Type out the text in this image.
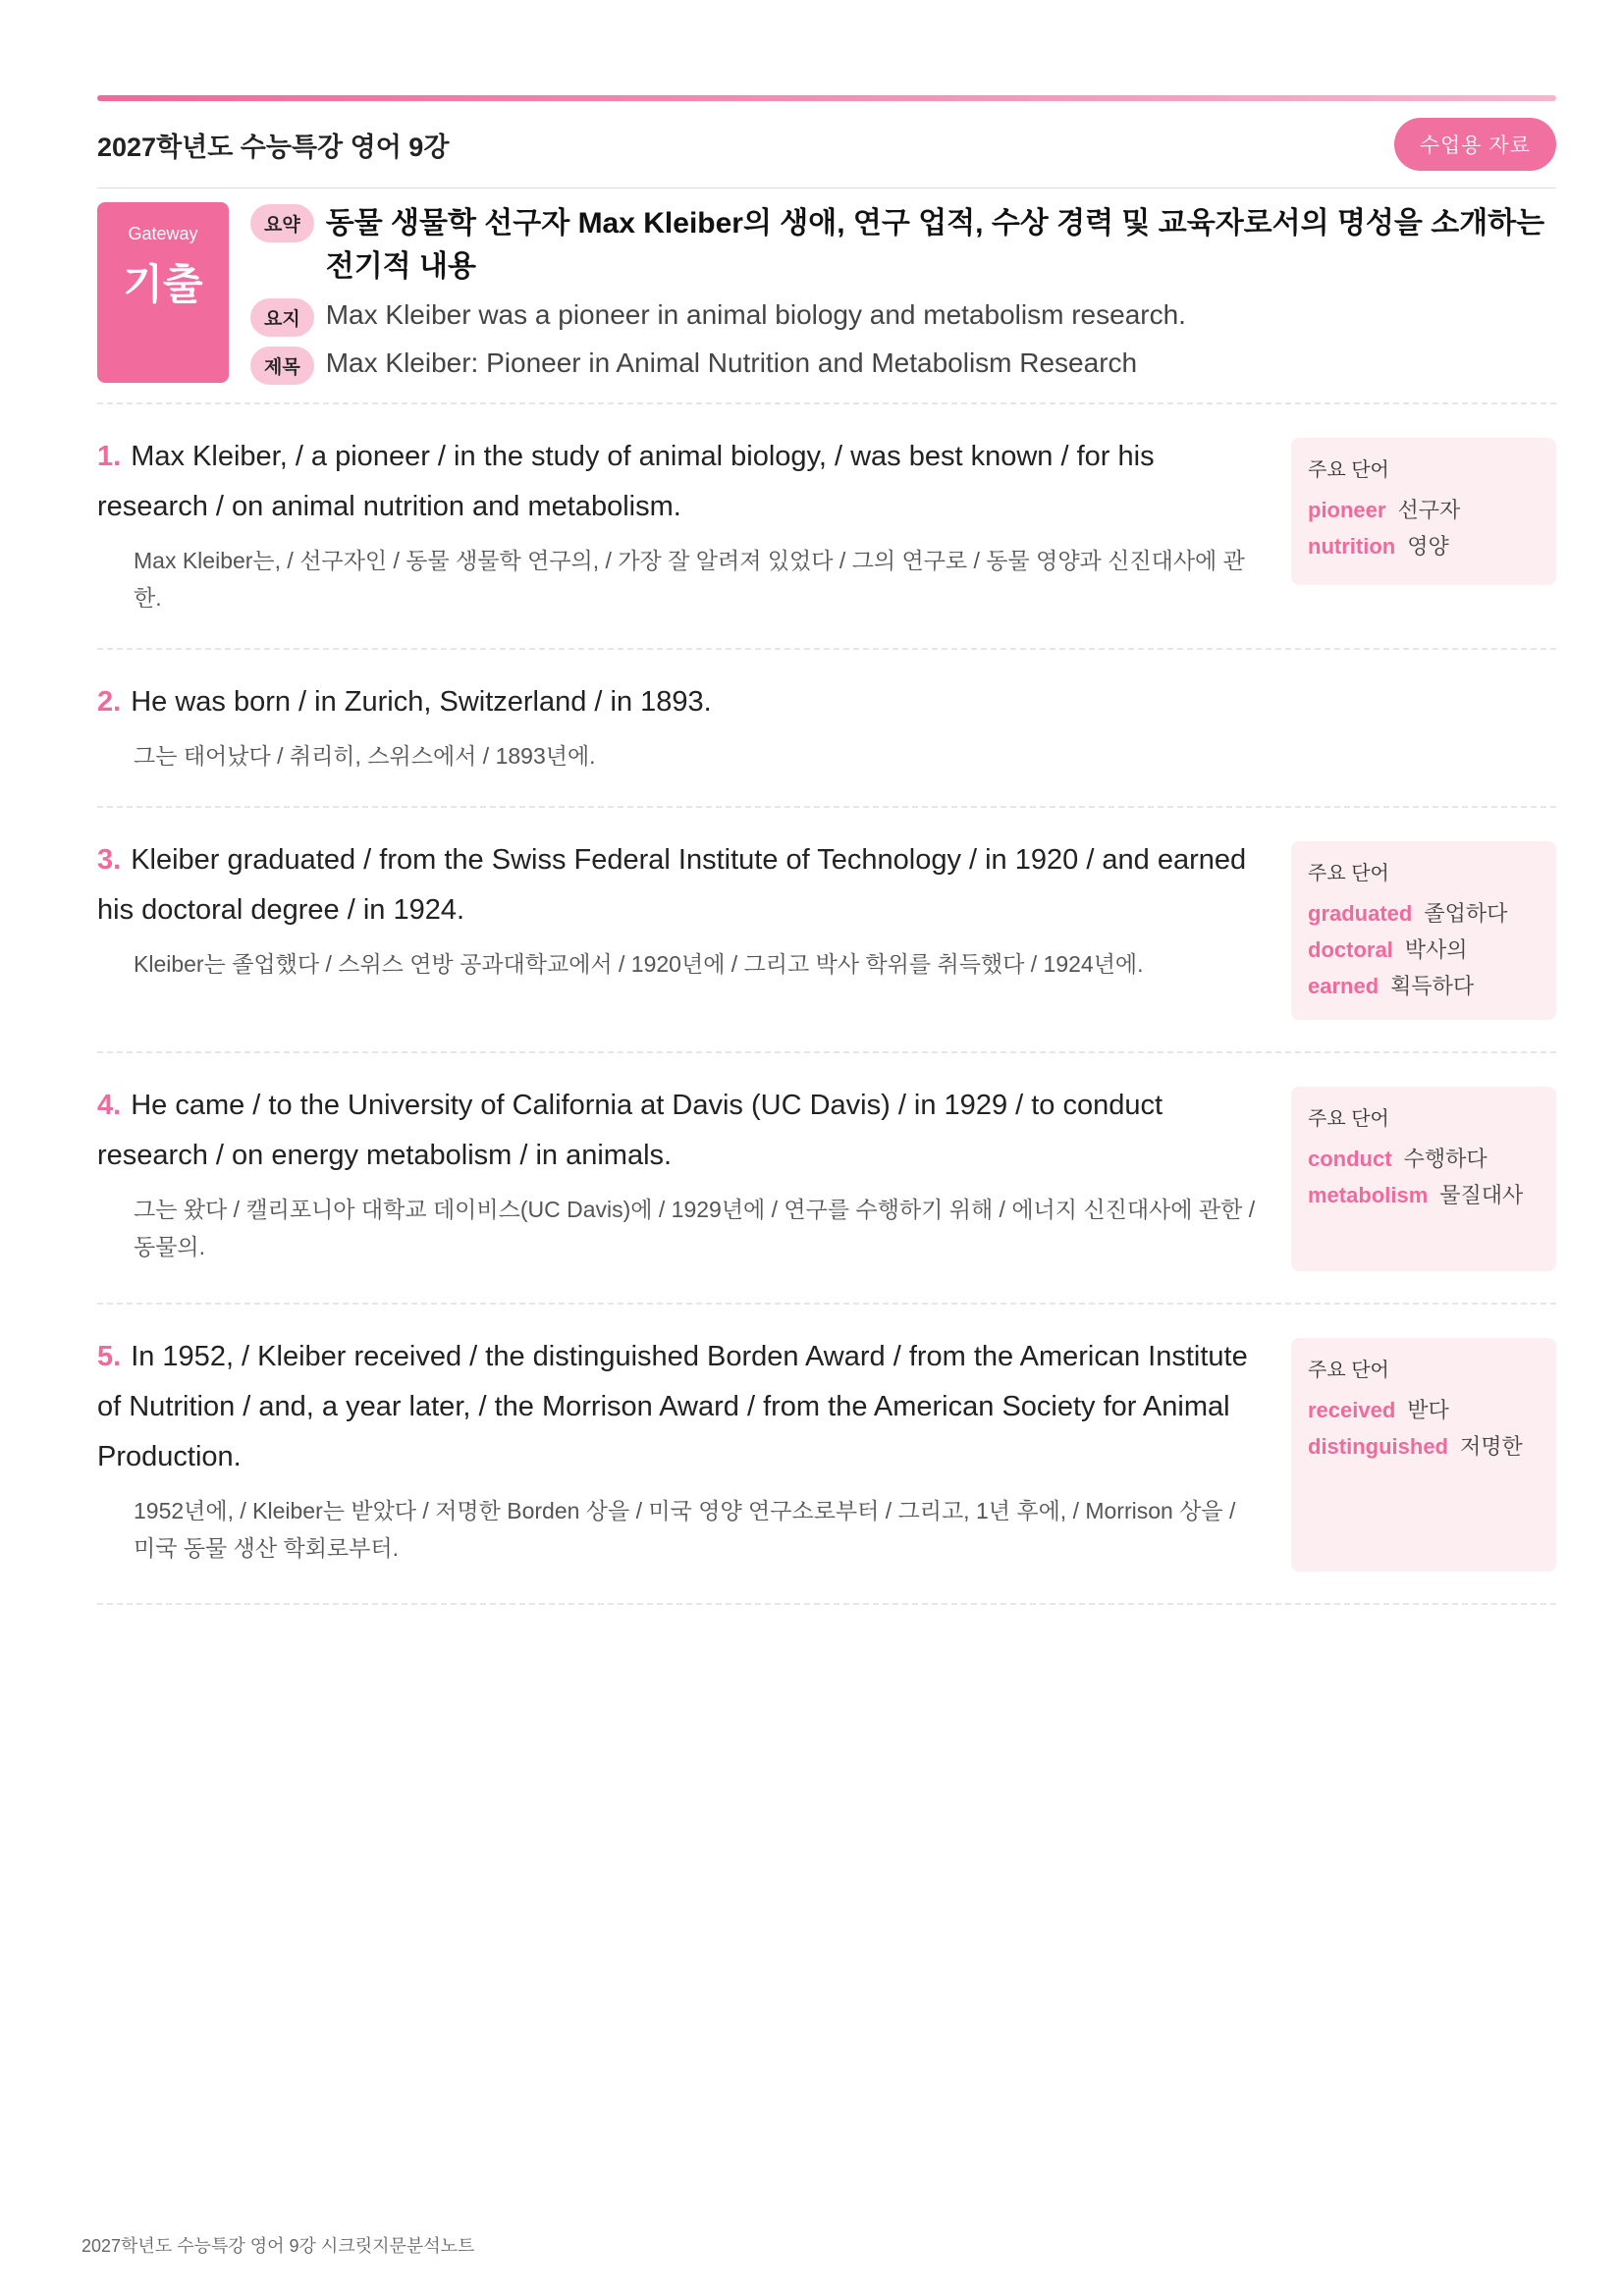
2027학년도 수능특강 영어 9강	수업용 자료
Gateway
기출
요약 동물 생물학 선구자 Max Kleiber의 생애, 연구 업적, 수상 경력 및 교육자로서의 명성을 소개하는 전기적 내용
요지 Max Kleiber was a pioneer in animal biology and metabolism research.
제목 Max Kleiber: Pioneer in Animal Nutrition and Metabolism Research
1. Max Kleiber, / a pioneer / in the study of animal biology, / was best known / for his research / on animal nutrition and metabolism.
Max Kleiber는, / 선구자인 / 동물 생물학 연구의, / 가장 잘 알려져 있었다 / 그의 연구로 / 동물 영양과 신진대사에 관한.
주요 단어
pioneer 선구자
nutrition 영양
2. He was born / in Zurich, Switzerland / in 1893.
그는 태어났다 / 취리히, 스위스에서 / 1893년에.
3. Kleiber graduated / from the Swiss Federal Institute of Technology / in 1920 / and earned his doctoral degree / in 1924.
Kleiber는 졸업했다 / 스위스 연방 공과대학교에서 / 1920년에 / 그리고 박사 학위를 취득했다 / 1924년에.
주요 단어
graduated 졸업하다
doctoral 박사의
earned 획득하다
4. He came / to the University of California at Davis (UC Davis) / in 1929 / to conduct research / on energy metabolism / in animals.
그는 왔다 / 캘리포니아 대학교 데이비스(UC Davis)에 / 1929년에 / 연구를 수행하기 위해 / 에너지 신진대사에 관한 / 동물의.
주요 단어
conduct 수행하다
metabolism 물질대사
5. In 1952, / Kleiber received / the distinguished Borden Award / from the American Institute of Nutrition / and, a year later, / the Morrison Award / from the American Society for Animal Production.
1952년에, / Kleiber는 받았다 / 저명한 Borden 상을 / 미국 영양 연구소로부터 / 그리고, 1년 후에, / Morrison 상을 / 미국 동물 생산 학회로부터.
주요 단어
received 받다
distinguished 저명한
2027학년도 수능특강 영어 9강 시크릿지문분석노트
